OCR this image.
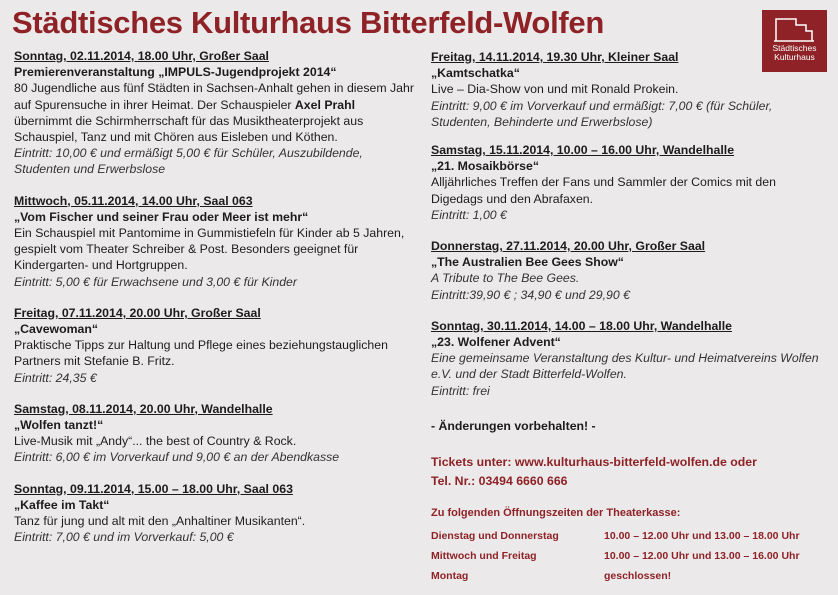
Städtisches Kulturhaus Bitterfeld-Wolfen
Städtisches Kulturhaus

Sonntag, 02.11.2014, 18.00 Uhr, Großer Saal

Premierenveranstaltung „IMPULS-Jugendprojekt 2014“

80 Jugendliche aus fünf Städten in Sachsen-Anhalt gehen in diesem Jahr auf Spurensuche in ihrer Heimat. Der Schauspieler Axel Prahl übernimmt die Schirmherrschaft für das Musiktheaterprojekt aus Schauspiel, Tanz und mit Chören aus Eisleben und Köthen.

Eintritt: 10,00 € und ermäßigt 5,00 € für Schüler, Auszubildende, Studenten und Erwerbslose

Mittwoch, 05.11.2014, 14.00 Uhr, Saal 063

„Vom Fischer und seiner Frau oder Meer ist mehr“

Ein Schauspiel mit Pantomime in Gummistiefeln für Kinder ab 5 Jahren, gespielt vom Theater Schreiber & Post. Besonders geeignet für Kindergarten- und Hortgruppen.

Eintritt: 5,00 € für Erwachsene und 3,00 € für Kinder

Freitag, 07.11.2014, 20.00 Uhr, Großer Saal

„Cavewoman“

Praktische Tipps zur Haltung und Pflege eines beziehungstauglichen Partners mit Stefanie B. Fritz.

Eintritt: 24,35 €

Samstag, 08.11.2014, 20.00 Uhr, Wandelhalle

„Wolfen tanzt!“

Live-Musik mit „Andy“... the best of Country & Rock.

Eintritt: 6,00 € im Vorverkauf und 9,00 € an der Abendkasse

Sonntag, 09.11.2014, 15.00 – 18.00 Uhr, Saal 063

„Kaffee im Takt“

Tanz für jung und alt mit den „Anhaltiner Musikanten“.

Eintritt: 7,00 € und im Vorverkauf: 5,00 €

Freitag, 14.11.2014, 19.30 Uhr, Kleiner Saal

„Kamtschatka“

Live – Dia-Show von und mit Ronald Prokein.

Eintritt: 9,00 € im Vorverkauf und ermäßigt: 7,00 € (für Schüler, Studenten, Behinderte und Erwerbslose)

Samstag, 15.11.2014, 10.00 – 16.00 Uhr, Wandelhalle

„21. Mosaikbörse“

Alljährliches Treffen der Fans und Sammler der Comics mit den Digedags und den Abrafaxen.

Eintritt: 1,00 €

Donnerstag, 27.11.2014, 20.00 Uhr, Großer Saal

„The Australien Bee Gees Show“

A Tribute to The Bee Gees.

Eintritt:39,90 € ; 34,90 € und 29,90 €

Sonntag, 30.11.2014, 14.00 – 18.00 Uhr, Wandelhalle

„23. Wolfener Advent“

Eine gemeinsame Veranstaltung des Kultur- und Heimatvereins Wolfen e.V. und der Stadt Bitterfeld-Wolfen.

Eintritt: frei

- Änderungen vorbehalten! -
Tickets unter: www.kulturhaus-bitterfeld-wolfen.de oder
Tel. Nr.: 03494 6660 666
Zu folgenden Öffnungszeiten der Theaterkasse:
Dienstag und Donnerstag	10.00 – 12.00 Uhr und 13.00 – 18.00 Uhr
Mittwoch und Freitag	10.00 – 12.00 Uhr und 13.00 – 16.00 Uhr
Montag	geschlossen!
